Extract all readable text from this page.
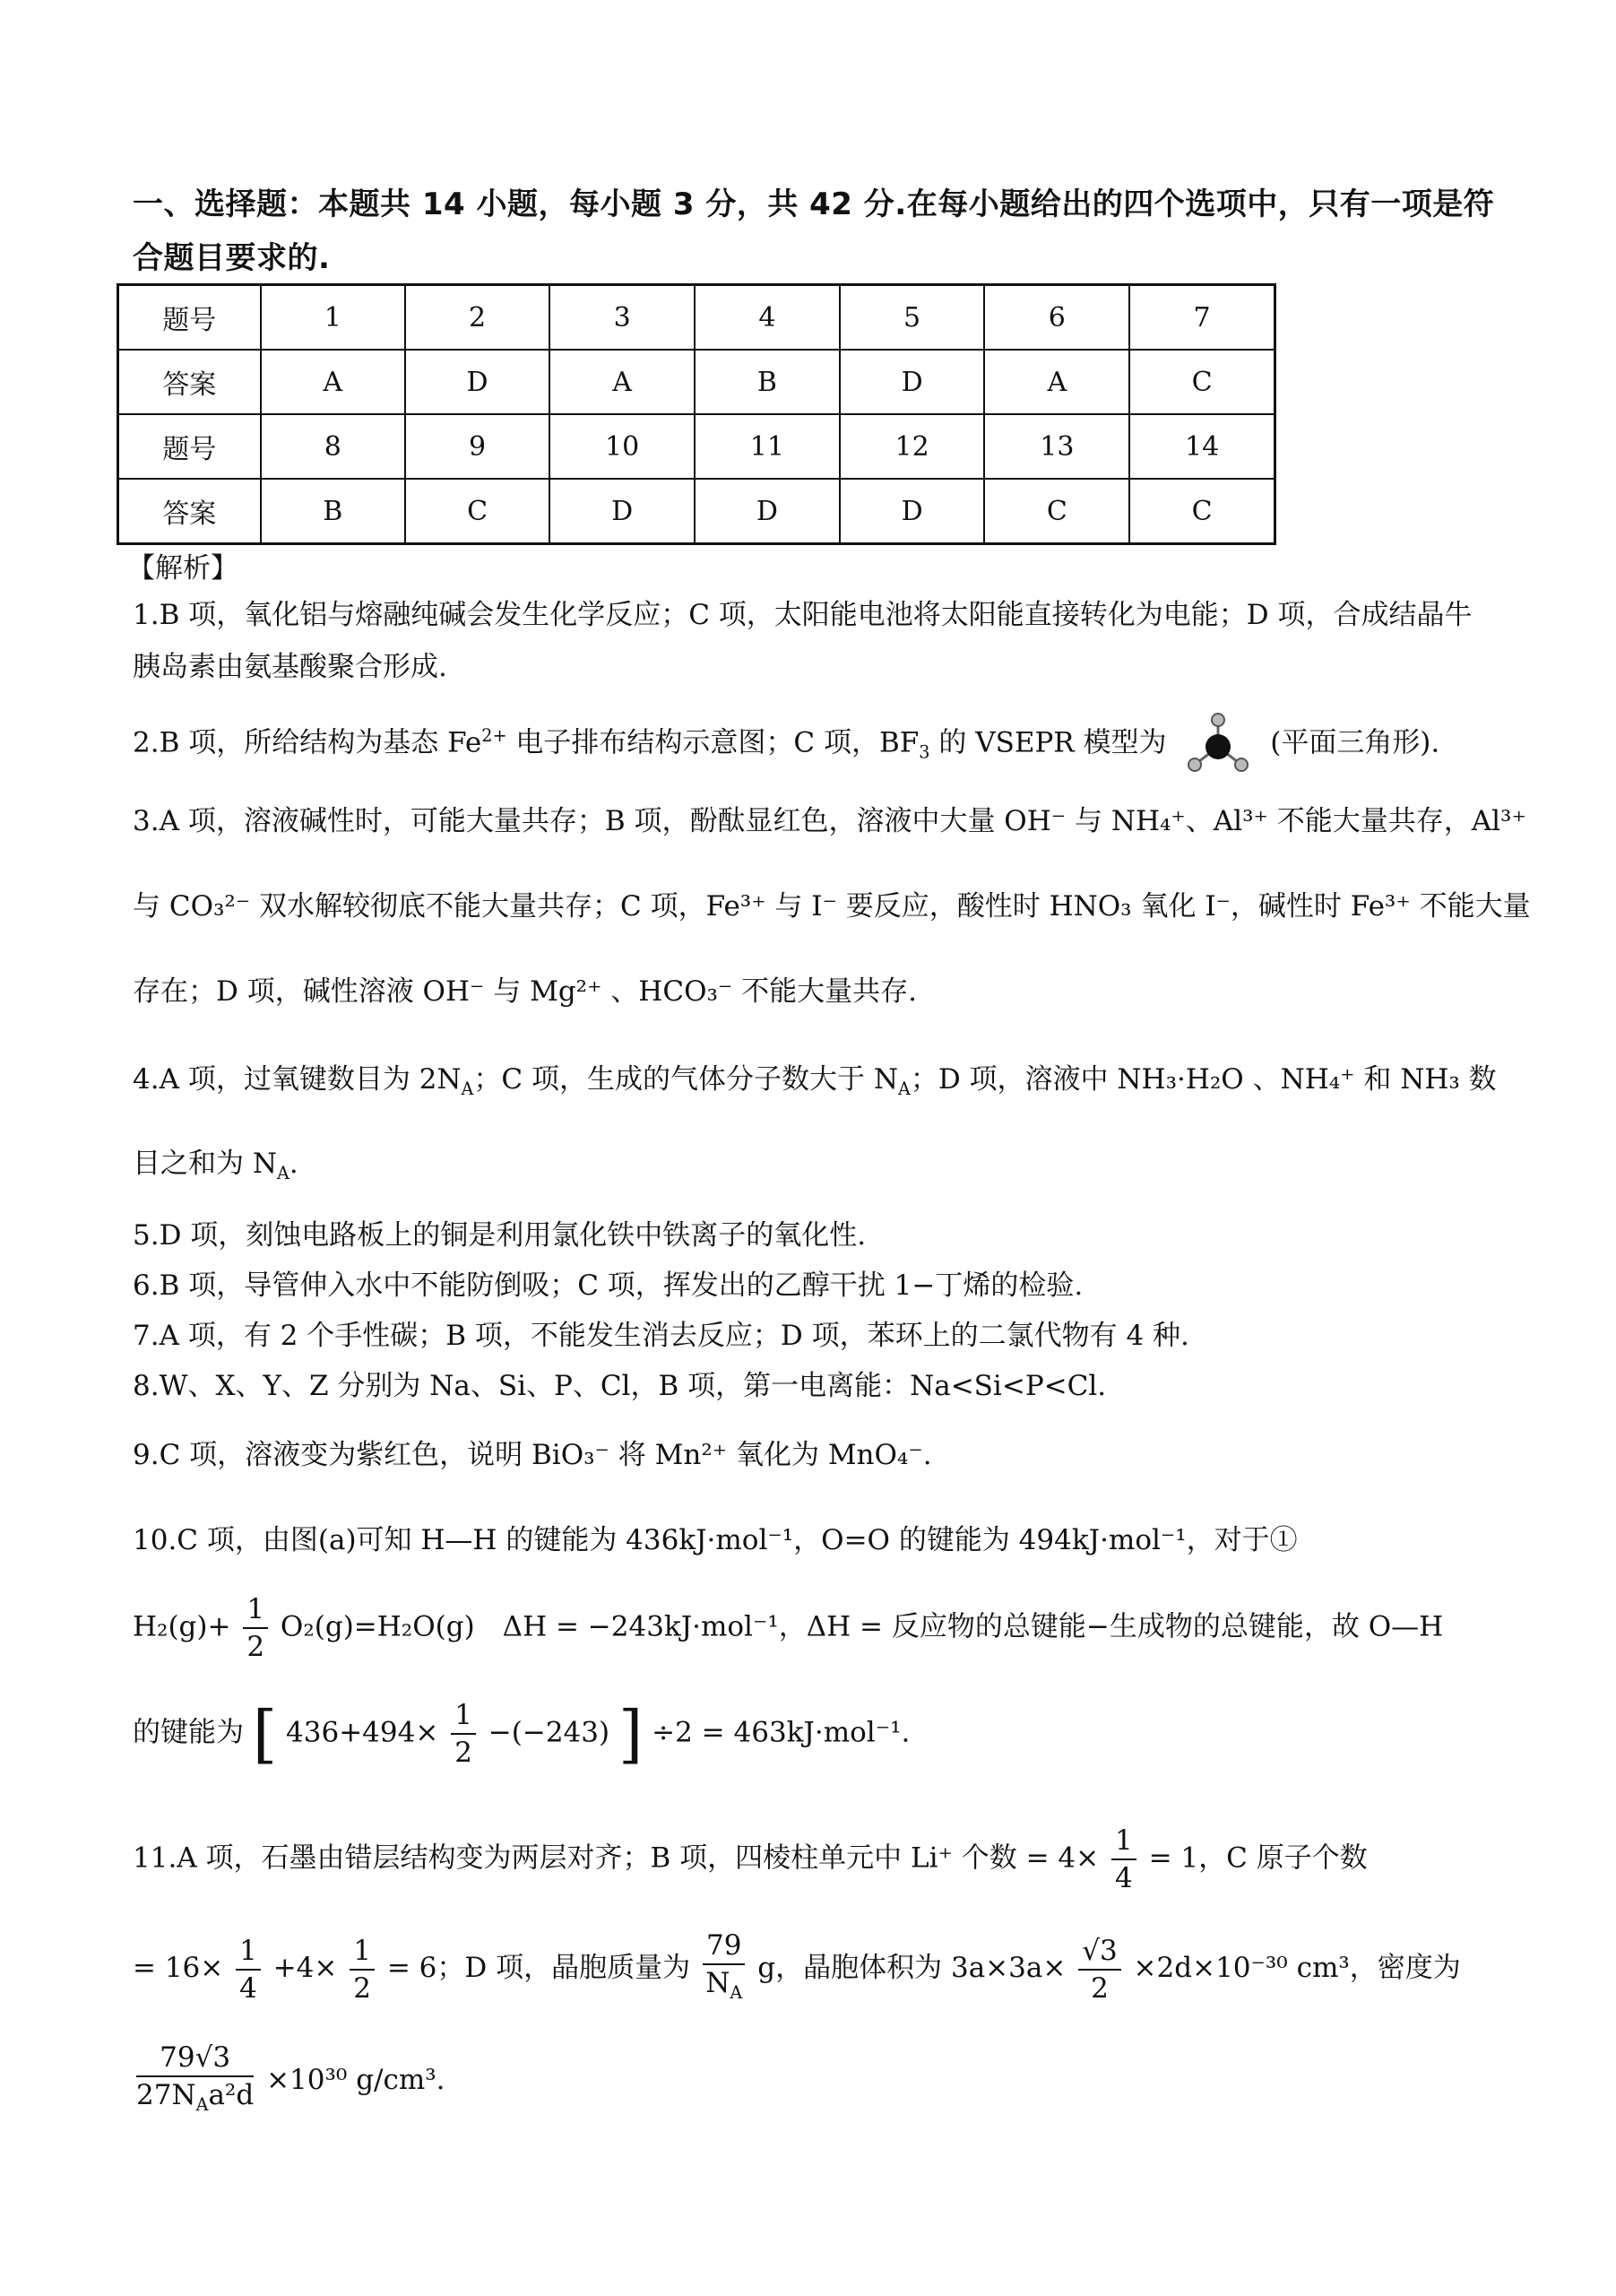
一、选择题：本题共 14 小题，每小题 3 分，共 42 分.在每小题给出的四个选项中，只有一项是符合题目要求的.
题号	1	2	3	4	5	6	7
答案	A	D	A	B	D	A	C
题号	8	9	10	11	12	13	14
答案	B	C	D	D	D	C	C
【解析】
1.B 项，氧化铝与熔融纯碱会发生化学反应；C 项，太阳能电池将太阳能直接转化为电能；D 项，合成结晶牛
胰岛素由氨基酸聚合形成.
2.B 项，所给结构为基态 $Fe^{2+}$ 电子排布结构示意图；C 项，$BF_3$ 的 VSEPR 模型为	(平面三角形).
3.A 项，溶液碱性时，可能大量共存；B 项，酚酞显红色，溶液中大量 OH⁻ 与 NH₄⁺、Al³⁺ 不能大量共存，Al³⁺
与 CO₃²⁻ 双水解较彻底不能大量共存；C 项，Fe³⁺ 与 I⁻ 要反应，酸性时 HNO₃ 氧化 I⁻，碱性时 Fe³⁺ 不能大量
存在；D 项，碱性溶液 OH⁻ 与 Mg²⁺ 、HCO₃⁻ 不能大量共存.
4.A 项，过氧键数目为 $2N_A$；C 项，生成的气体分子数大于 $N_A$；D 项，溶液中 NH₃·H₂O 、NH₄⁺ 和 NH₃ 数
目之和为 $N_A$.
5.D 项，刻蚀电路板上的铜是利用氯化铁中铁离子的氧化性.
6.B 项，导管伸入水中不能防倒吸；C 项，挥发出的乙醇干扰 1−丁烯的检验.
7.A 项，有 2 个手性碳；B 项，不能发生消去反应；D 项，苯环上的二氯代物有 4 种.
8.W、X、Y、Z 分别为 Na、Si、P、Cl，B 项，第一电离能：Na<Si<P<Cl.
9.C 项，溶液变为紫红色，说明 BiO₃⁻ 将 Mn²⁺ 氧化为 MnO₄⁻.
10.C 项，由图(a)可知 H—H 的键能为 436kJ·mol⁻¹，O=O 的键能为 494kJ·mol⁻¹，对于①
$H_2(g)+ \frac{1}{2} O_2(g)=H_2O(g)$　ΔH = −243kJ·mol⁻¹，ΔH = 反应物的总键能−生成物的总键能，故 O—H
的键能为 [ $436+494\times \frac{1}{2} -(-243)$ ] ÷2 = 463kJ·mol⁻¹.
11.A 项，石墨由错层结构变为两层对齐；B 项，四棱柱单元中 Li⁺ 个数 = $4\times \frac{1}{4} = 1$，C 原子个数
= $16\times \frac{1}{4} +4\times \frac{1}{2} = 6$；D 项，晶胞质量为 $\frac{79}{N_A}$ g，晶胞体积为 $3a\times 3a\times \frac{√3}{2} \times 2d\times 10^{-30}$ cm³，密度为
$\frac{79√3}{27N_Aa^2d} \times 10^{30}$ g/cm³.
